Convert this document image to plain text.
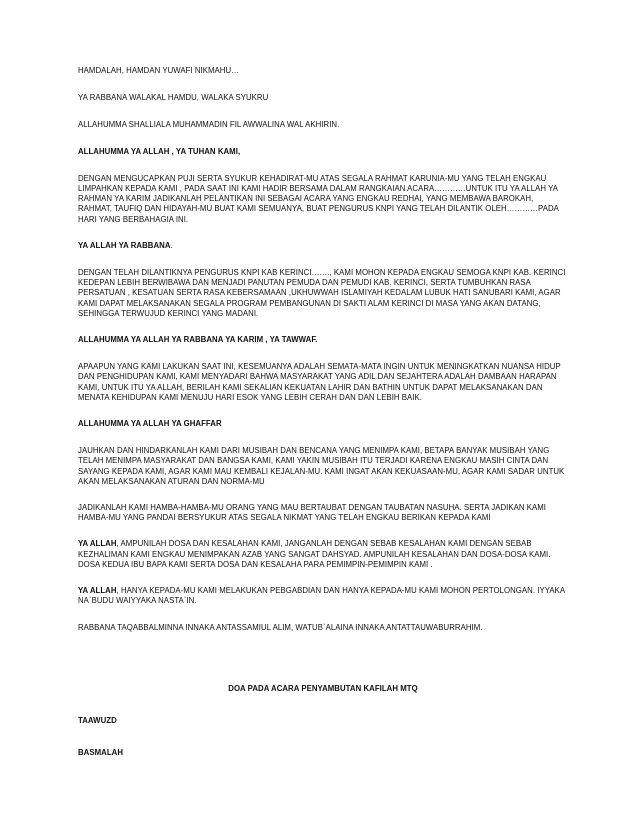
HAMDALAH, HAMDAN YUWAFI NIKMAHU…

YA RABBANA WALAKAL HAMDU, WALAKA SYUKRU

ALLAHUMMA SHALLIALA MUHAMMADIN FIL AWWALINA WAL AKHIRIN.

ALLAHUMMA YA ALLAH , YA TUHAN KAMI,

DENGAN MENGUCAPKAN PUJI SERTA SYUKUR KEHADIRAT-MU ATAS SEGALA RAHMAT KARUNIA-MU YANG TELAH ENGKAU LIMPAHKAN KEPADA KAMI , PADA SAAT INI KAMI HADIR BERSAMA DALAM RANGKAIAN ACARA…………UNTUK ITU YA ALLAH YA RAHMAN YA KARIM JADIKANLAH PELANTIKAN INI SEBAGAI ACARA YANG ENGKAU REDHAI, YANG MEMBAWA BAROKAH, RAHMAT, TAUFIQ DAN HIDAYAH-MU BUAT KAMI SEMUANYA, BUAT PENGURUS KNPI YANG TELAH DILANTIK OLEH…………PADA HARI YANG BERBAHAGIA INI.

YA ALLAH YA RABBANA.

DENGAN TELAH DILANTIKNYA PENGURUS KNPI KAB KERINCI……., KAMI MOHON KEPADA ENGKAU SEMOGA KNPI KAB. KERINCI KEDEPAN LEBIH BERWIBAWA DAN MENJADI PANUTAN PEMUDA DAN PEMUDI KAB. KERINCI, SERTA TUMBUHKAN RASA PERSATUAN , KESATUAN SERTA RASA KEBERSAMAAN ,UKHUWWAH ISLAMIYAH KEDALAM LUBUK HATI SANUBARI KAMI, AGAR KAMI DAPAT MELAKSANAKAN SEGALA PROGRAM PEMBANGUNAN DI SAKTI ALAM KERINCI DI MASA YANG AKAN DATANG, SEHINGGA TERWUJUD KERINCI YANG MADANI.

ALLAHUMMA YA ALLAH YA RABBANA YA KARIM , YA TAWWAF.

APAAPUN YANG KAMI LAKUKAN SAAT INI, KESEMUANYA ADALAH SEMATA-MATA INGIN UNTUK MENINGKATKAN NUANSA HIDUP DAN PENGHIDUPAN KAMI, KAMI MENYADARI BAHWA MASYARAKAT YANG ADIL DAN SEJAHTERA ADALAH DAMBAAN HARAPAN KAMI, UNTUK ITU YA ALLAH, BERILAH KAMI SEKALIAN KEKUATAN LAHIR DAN BATHIN UNTUK DAPAT MELAKSANAKAN DAN MENATA KEHIDUPAN KAMI MENUJU HARI ESOK YANG LEBIH CERAH DAN DAN LEBIH BAIK.

ALLAHUMMA YA ALLAH YA GHAFFAR

JAUHKAN DAN HINDARKANLAH KAMI DARI MUSIBAH DAN BENCANA YANG MENIMPA KAMI, BETAPA BANYAK MUSIBAH YANG TELAH MENIMPA MASYARAKAT DAN BANGSA KAMI, KAMI YAKIN MUSIBAH ITU TERJADI KARENA ENGKAU MASIH CINTA DAN SAYANG KEPADA KAMI, AGAR KAMI MAU KEMBALI KEJALAN-MU. KAMI INGAT AKAN KEKUASAAN-MU, AGAR KAMI SADAR UNTUK AKAN MELAKSANAKAN ATURAN DAN NORMA-MU

JADIKANLAH KAMI HAMBA-HAMBA-MU ORANG YANG MAU BERTAUBAT DENGAN TAUBATAN NASUHA. SERTA JADIKAN KAMI HAMBA-MU YANG PANDAI BERSYUKUR ATAS SEGALA NIKMAT YANG TELAH ENGKAU BERIKAN KEPADA KAMI

YA ALLAH, AMPUNILAH DOSA DAN KESALAHAN KAMI, JANGANLAH DENGAN SEBAB KESALAHAN KAMI DENGAN SEBAB KEZHALIMAN KAMI ENGKAU MENIMPAKAN AZAB YANG SANGAT DAHSYAD. AMPUNILAH KESALAHAN DAN DOSA-DOSA KAMI. DOSA KEDUA IBU BAPA KAMI SERTA DOSA DAN KESALAHA PARA PEMIMPIN-PEMIMPIN KAMI .

YA ALLAH, HANYA KEPADA-MU KAMI MELAKUKAN PEBGABDIAN DAN HANYA KEPADA-MU KAMI MOHON PERTOLONGAN. IYYAKA NA`BUDU WAIYYAKA NASTA`IN.

RABBANA TAQABBALMINNA INNAKA ANTASSAMIUL ALIM, WATUB`ALAINA INNAKA ANTATTAUWABURRAHIM.

DOA PADA ACARA PENYAMBUTAN KAFILAH MTQ

TAAWUZD

BASMALAH
